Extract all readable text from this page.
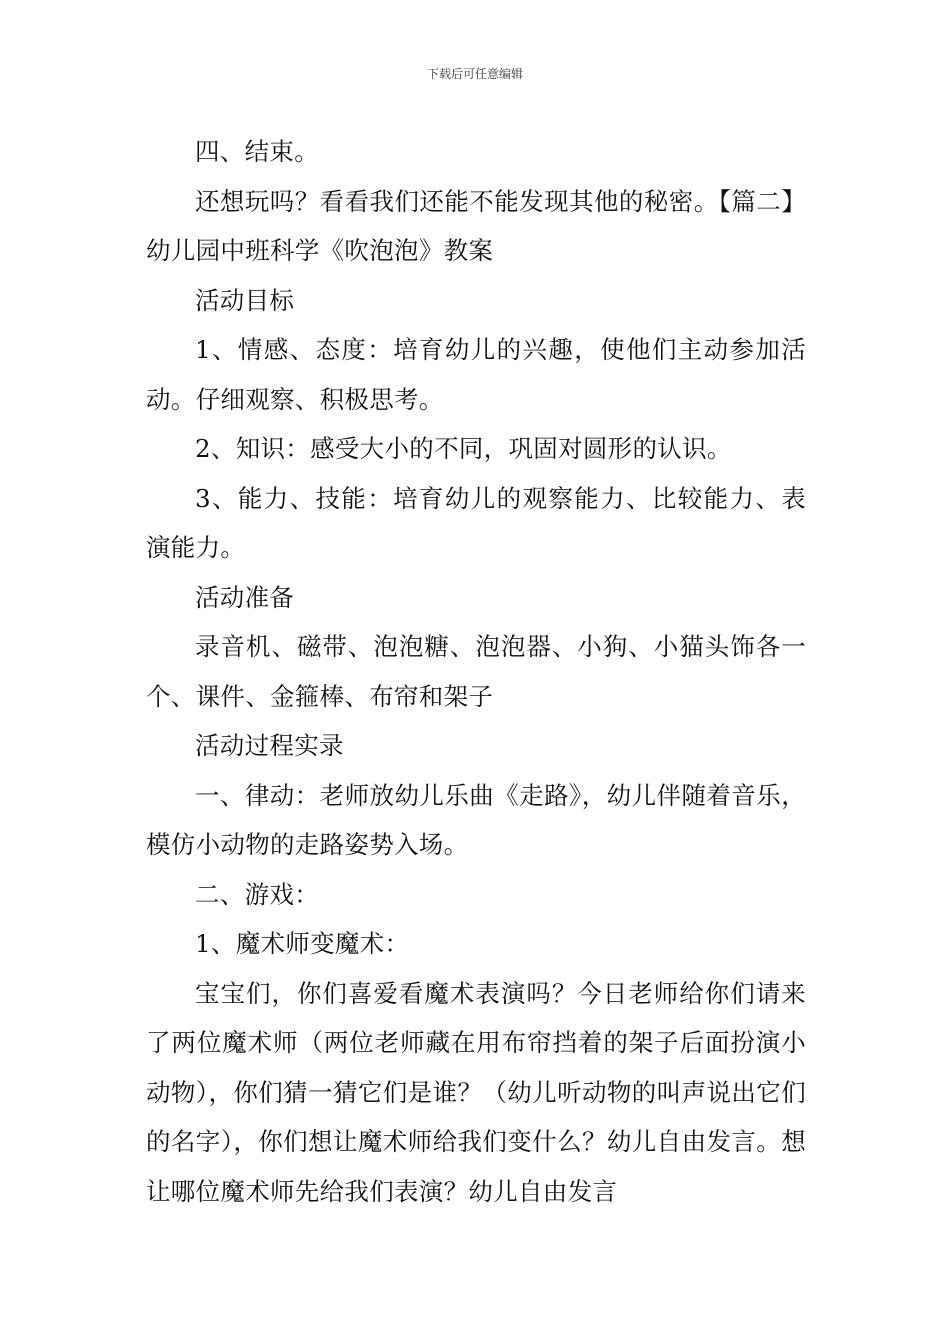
下载后可任意编辑

四、结束。

还想玩吗？看看我们还能不能发现其他的秘密。【篇二】幼儿园中班科学《吹泡泡》教案

活动目标

1、情感、态度：培育幼儿的兴趣，使他们主动参加活动。仔细观察、积极思考。

2、知识：感受大小的不同，巩固对圆形的认识。

3、能力、技能：培育幼儿的观察能力、比较能力、表演能力。

活动准备

录音机、磁带、泡泡糖、泡泡器、小狗、小猫头饰各一个、课件、金箍棒、布帘和架子

活动过程实录

一、律动：老师放幼儿乐曲《走路》，幼儿伴随着音乐，模仿小动物的走路姿势入场。

二、游戏：

1、魔术师变魔术：

宝宝们，你们喜爱看魔术表演吗？今日老师给你们请来了两位魔术师（两位老师藏在用布帘挡着的架子后面扮演小动物），你们猜一猜它们是谁？（幼儿听动物的叫声说出它们的名字），你们想让魔术师给我们变什么？幼儿自由发言。想让哪位魔术师先给我们表演？幼儿自由发言
